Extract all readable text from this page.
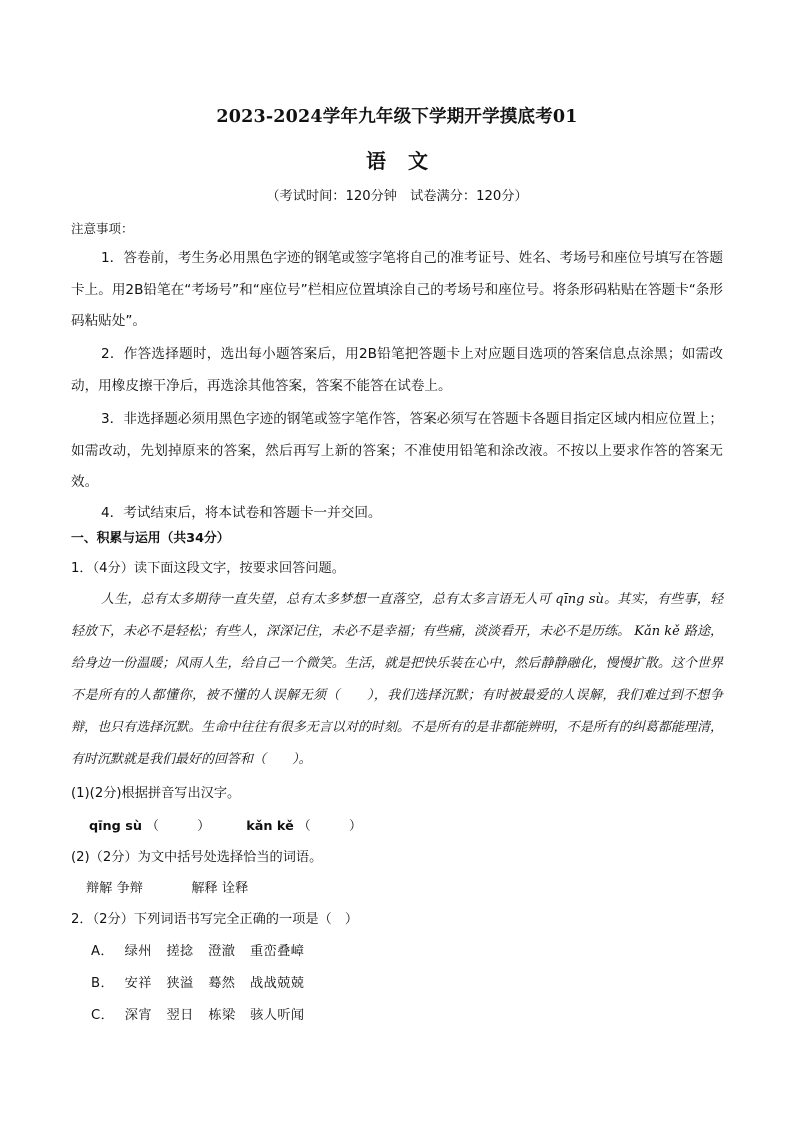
2023-2024学年九年级下学期开学摸底考01
语文
（考试时间：120分钟　试卷满分：120分）
注意事项：
1．答卷前，考生务必用黑色字迹的钢笔或签字笔将自己的准考证号、姓名、考场号和座位号填写在答题卡上。用2B铅笔在“考场号”和“座位号”栏相应位置填涂自己的考场号和座位号。将条形码粘贴在答题卡“条形码粘贴处”。
2．作答选择题时，选出每小题答案后，用2B铅笔把答题卡上对应题目选项的答案信息点涂黑；如需改动，用橡皮擦干净后，再选涂其他答案，答案不能答在试卷上。
3．非选择题必须用黑色字迹的钢笔或签字笔作答，答案必须写在答题卡各题目指定区域内相应位置上；如需改动，先划掉原来的答案，然后再写上新的答案；不准使用铅笔和涂改液。不按以上要求作答的答案无效。
4．考试结束后，将本试卷和答题卡一并交回。
一、积累与运用（共34分）
1．（4分）读下面这段文字，按要求回答问题。
人生，总有太多期待一直失望，总有太多梦想一直落空，总有太多言语无人可 qīng sù。其实，有些事，轻轻放下，未必不是轻松；有些人，深深记住，未必不是幸福；有些痛，淡淡看开，未必不是历练。 Kǎn kě 路途，给身边一份温暖；风雨人生，给自己一个微笑。生活，就是把快乐装在心中，然后静静融化，慢慢扩散。这个世界不是所有的人都懂你，被不懂的人误解无须（　　），我们选择沉默；有时被最爱的人误解，我们难过到不想争辩，也只有选择沉默。生命中往往有很多无言以对的时刻。不是所有的是非都能辨明，不是所有的纠葛都能理清，有时沉默就是我们最好的回答和（　　）。
(1)(2分)根据拼音写出汉字。
qīng sù （　　　）	kǎn kě （　　　）
(2)（2分）为文中括号处选择恰当的词语。
辩解 争辩	解释 诠释
2．（2分）下列词语书写完全正确的一项是（　）
A． 绿州 搓捻 澄澈 重峦叠嶂
B． 安祥 狭溢 蓦然 战战兢兢
C． 深宵 翌日 栋梁 骇人听闻
